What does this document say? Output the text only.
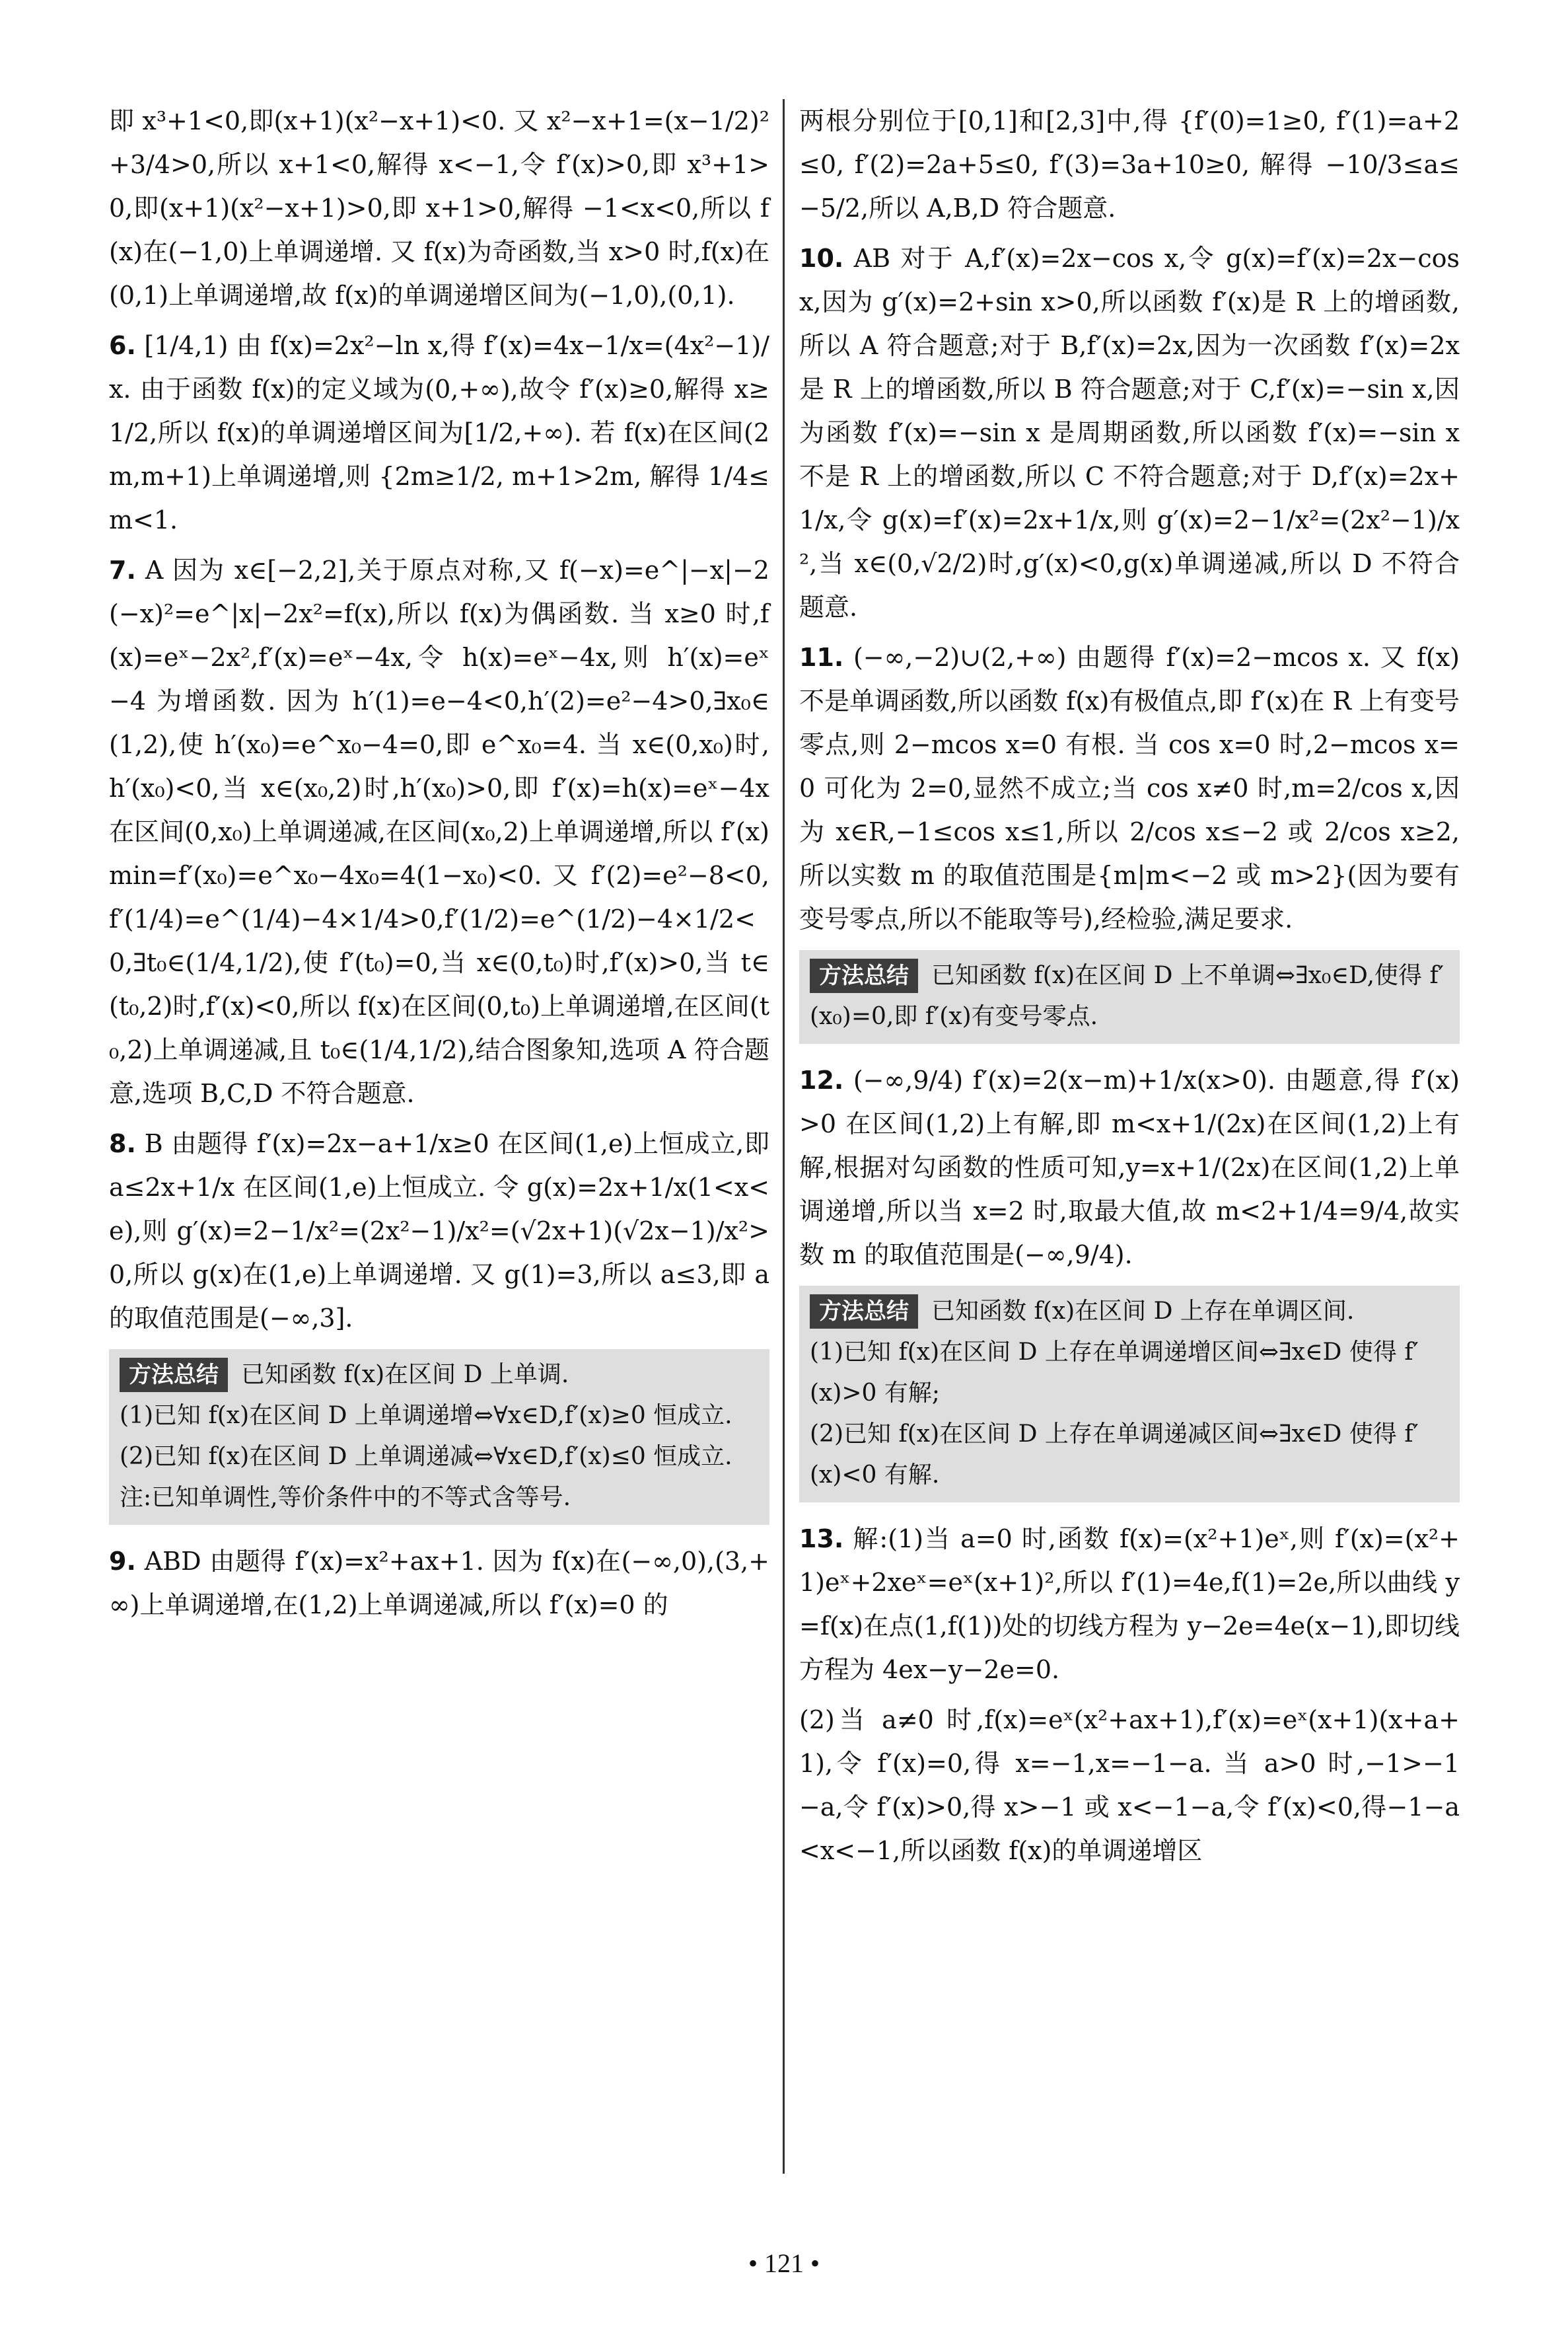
即 x³+1<0,即(x+1)(x²−x+1)<0. 又 x²−x+1=(x−1/2)²+3/4>0,所以 x+1<0,解得 x<−1,令 f′(x)>0,即 x³+1>0,即(x+1)(x²−x+1)>0,即 x+1>0,解得 −1<x<0,所以 f(x)在(−1,0)上单调递增. 又 f(x)为奇函数,当 x>0 时,f(x)在(0,1)上单调递增,故 f(x)的单调递增区间为(−1,0),(0,1).
6. [1/4,1) 由 f(x)=2x²−ln x,得 f′(x)=4x−1/x=(4x²−1)/x. 由于函数 f(x)的定义域为(0,+∞),故令 f′(x)≥0,解得 x≥1/2,所以 f(x)的单调递增区间为[1/2,+∞). 若 f(x)在区间(2m,m+1)上单调递增,则 {2m≥1/2, m+1>2m, 解得 1/4≤m<1.
7. A 因为 x∈[−2,2],关于原点对称,又 f(−x)=e^|−x|−2(−x)²=e^|x|−2x²=f(x),所以 f(x)为偶函数. 当 x≥0 时,f(x)=eˣ−2x²,f′(x)=eˣ−4x,令 h(x)=eˣ−4x,则 h′(x)=eˣ−4 为增函数. 因为 h′(1)=e−4<0,h′(2)=e²−4>0,∃x₀∈(1,2),使 h′(x₀)=e^x₀−4=0,即 e^x₀=4. 当 x∈(0,x₀)时,h′(x₀)<0,当 x∈(x₀,2)时,h′(x₀)>0,即 f′(x)=h(x)=eˣ−4x 在区间(0,x₀)上单调递减,在区间(x₀,2)上单调递增,所以 f′(x)min=f′(x₀)=e^x₀−4x₀=4(1−x₀)<0. 又 f′(2)=e²−8<0,f′(1/4)=e^(1/4)−4×1/4>0,f′(1/2)=e^(1/2)−4×1/2<0,∃t₀∈(1/4,1/2),使 f′(t₀)=0,当 x∈(0,t₀)时,f′(x)>0,当 t∈(t₀,2)时,f′(x)<0,所以 f(x)在区间(0,t₀)上单调递增,在区间(t₀,2)上单调递减,且 t₀∈(1/4,1/2),结合图象知,选项 A 符合题意,选项 B,C,D 不符合题意.
8. B 由题得 f′(x)=2x−a+1/x≥0 在区间(1,e)上恒成立,即 a≤2x+1/x 在区间(1,e)上恒成立. 令 g(x)=2x+1/x(1<x<e),则 g′(x)=2−1/x²=(2x²−1)/x²=(√2x+1)(√2x−1)/x²>0,所以 g(x)在(1,e)上单调递增. 又 g(1)=3,所以 a≤3,即 a 的取值范围是(−∞,3].
方法总结 已知函数 f(x)在区间 D 上单调.
(1)已知 f(x)在区间 D 上单调递增⇔∀x∈D,f′(x)≥0 恒成立.
(2)已知 f(x)在区间 D 上单调递减⇔∀x∈D,f′(x)≤0 恒成立.
注:已知单调性,等价条件中的不等式含等号.
9. ABD 由题得 f′(x)=x²+ax+1. 因为 f(x)在(−∞,0),(3,+∞)上单调递增,在(1,2)上单调递减,所以 f′(x)=0 的
两根分别位于[0,1]和[2,3]中,得 {f′(0)=1≥0, f′(1)=a+2≤0, f′(2)=2a+5≤0, f′(3)=3a+10≥0, 解得 −10/3≤a≤−5/2,所以 A,B,D 符合题意.
10. AB 对于 A,f′(x)=2x−cos x,令 g(x)=f′(x)=2x−cos x,因为 g′(x)=2+sin x>0,所以函数 f′(x)是 R 上的增函数,所以 A 符合题意;对于 B,f′(x)=2x,因为一次函数 f′(x)=2x 是 R 上的增函数,所以 B 符合题意;对于 C,f′(x)=−sin x,因为函数 f′(x)=−sin x 是周期函数,所以函数 f′(x)=−sin x 不是 R 上的增函数,所以 C 不符合题意;对于 D,f′(x)=2x+1/x,令 g(x)=f′(x)=2x+1/x,则 g′(x)=2−1/x²=(2x²−1)/x²,当 x∈(0,√2/2)时,g′(x)<0,g(x)单调递减,所以 D 不符合题意.
11. (−∞,−2)∪(2,+∞) 由题得 f′(x)=2−mcos x. 又 f(x)不是单调函数,所以函数 f(x)有极值点,即 f′(x)在 R 上有变号零点,则 2−mcos x=0 有根. 当 cos x=0 时,2−mcos x=0 可化为 2=0,显然不成立;当 cos x≠0 时,m=2/cos x,因为 x∈R,−1≤cos x≤1,所以 2/cos x≤−2 或 2/cos x≥2,所以实数 m 的取值范围是{m|m<−2 或 m>2}(因为要有变号零点,所以不能取等号),经检验,满足要求.
方法总结 已知函数 f(x)在区间 D 上不单调⇔∃x₀∈D,使得 f′(x₀)=0,即 f′(x)有变号零点.
12. (−∞,9/4) f′(x)=2(x−m)+1/x(x>0). 由题意,得 f′(x)>0 在区间(1,2)上有解,即 m<x+1/(2x)在区间(1,2)上有解,根据对勾函数的性质可知,y=x+1/(2x)在区间(1,2)上单调递增,所以当 x=2 时,取最大值,故 m<2+1/4=9/4,故实数 m 的取值范围是(−∞,9/4).
方法总结 已知函数 f(x)在区间 D 上存在单调区间.
(1)已知 f(x)在区间 D 上存在单调递增区间⇔∃x∈D 使得 f′(x)>0 有解;
(2)已知 f(x)在区间 D 上存在单调递减区间⇔∃x∈D 使得 f′(x)<0 有解.
13. 解:(1)当 a=0 时,函数 f(x)=(x²+1)eˣ,则 f′(x)=(x²+1)eˣ+2xeˣ=eˣ(x+1)²,所以 f′(1)=4e,f(1)=2e,所以曲线 y=f(x)在点(1,f(1))处的切线方程为 y−2e=4e(x−1),即切线方程为 4ex−y−2e=0.
(2)当 a≠0 时,f(x)=eˣ(x²+ax+1),f′(x)=eˣ(x+1)(x+a+1),令 f′(x)=0,得 x=−1,x=−1−a. 当 a>0 时,−1>−1−a,令 f′(x)>0,得 x>−1 或 x<−1−a,令 f′(x)<0,得−1−a<x<−1,所以函数 f(x)的单调递增区
• 121 •
